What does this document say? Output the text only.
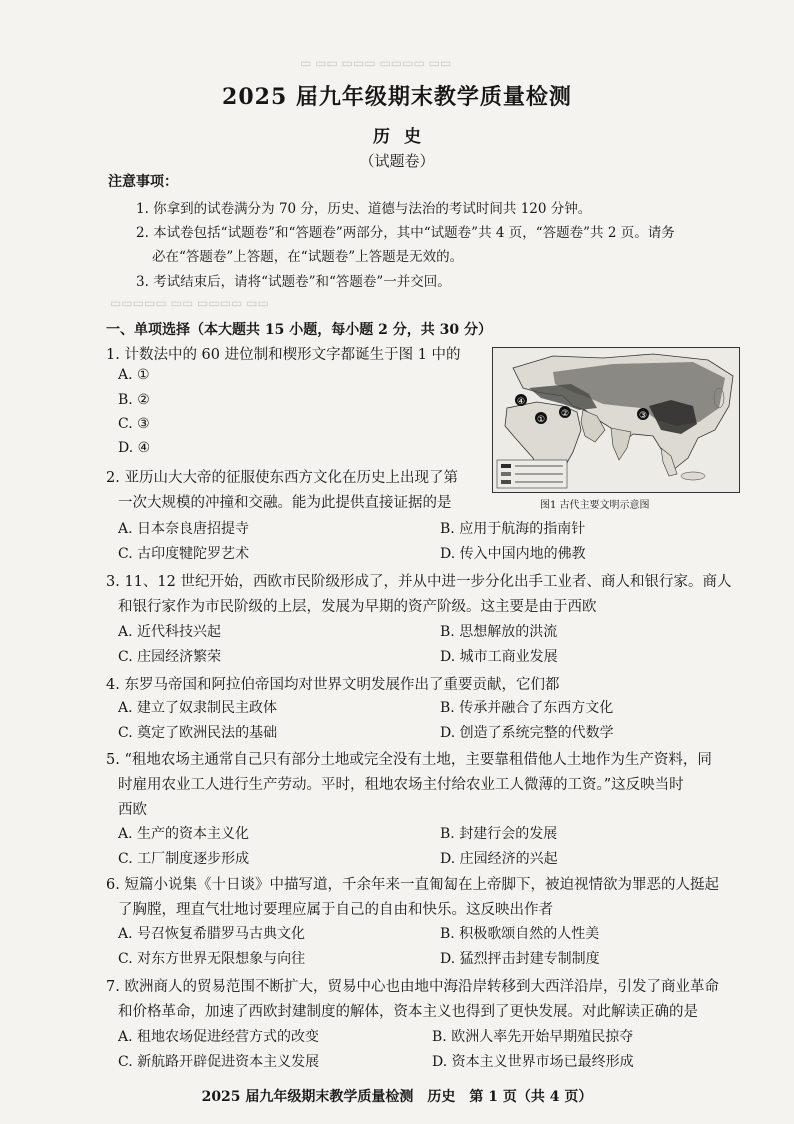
▭ ▭▭ ▭▭▭ ▭▭▭▭ ▭▭
▭▭▭▭▭ ▭▭ ▭▭▭▭ ▭▭
2025 届九年级期末教学质量检测
历史
（试题卷）
注意事项：
1. 你拿到的试卷满分为 70 分，历史、道德与法治的考试时间共 120 分钟。
2. 本试卷包括“试题卷”和“答题卷”两部分，其中“试题卷”共 4 页，“答题卷”共 2 页。请务
必在“答题卷”上答题，在“试题卷”上答题是无效的。
3. 考试结束后，请将“试题卷”和“答题卷”一并交回。
一、单项选择（本大题共 15 小题，每小题 2 分，共 30 分）
1. 计数法中的 60 进位制和楔形文字都诞生于图 1 中的
A. ①
B. ②
C. ③
D. ④
①
②	③
④
图1 古代主要文明示意图
2. 亚历山大大帝的征服使东西方文化在历史上出现了第
一次大规模的冲撞和交融。能为此提供直接证据的是
A. 日本奈良唐招提寺	B. 应用于航海的指南针
C. 古印度犍陀罗艺术	D. 传入中国内地的佛教
3. 11、12 世纪开始，西欧市民阶级形成了，并从中进一步分化出手工业者、商人和银行家。商人
和银行家作为市民阶级的上层，发展为早期的资产阶级。这主要是由于西欧
A. 近代科技兴起	B. 思想解放的洪流
C. 庄园经济繁荣	D. 城市工商业发展
4. 东罗马帝国和阿拉伯帝国均对世界文明发展作出了重要贡献，它们都
A. 建立了奴隶制民主政体	B. 传承并融合了东西方文化
C. 奠定了欧洲民法的基础	D. 创造了系统完整的代数学
5. “租地农场主通常自己只有部分土地或完全没有土地，主要靠租借他人土地作为生产资料，同
时雇用农业工人进行生产劳动。平时，租地农场主付给农业工人微薄的工资。”这反映当时
西欧
A. 生产的资本主义化	B. 封建行会的发展
C. 工厂制度逐步形成	D. 庄园经济的兴起
6. 短篇小说集《十日谈》中描写道，千余年来一直匍匐在上帝脚下，被迫视情欲为罪恶的人挺起
了胸膛，理直气壮地讨要理应属于自己的自由和快乐。这反映出作者
A. 号召恢复希腊罗马古典文化	B. 积极歌颂自然的人性美
C. 对东方世界无限想象与向往	D. 猛烈抨击封建专制制度
7. 欧洲商人的贸易范围不断扩大，贸易中心也由地中海沿岸转移到大西洋沿岸，引发了商业革命
和价格革命，加速了西欧封建制度的解体，资本主义也得到了更快发展。对此解读正确的是
A. 租地农场促进经营方式的改变	B. 欧洲人率先开始早期殖民掠夺
C. 新航路开辟促进资本主义发展	D. 资本主义世界市场已最终形成
2025 届九年级期末教学质量检测　历史　第 1 页（共 4 页）
